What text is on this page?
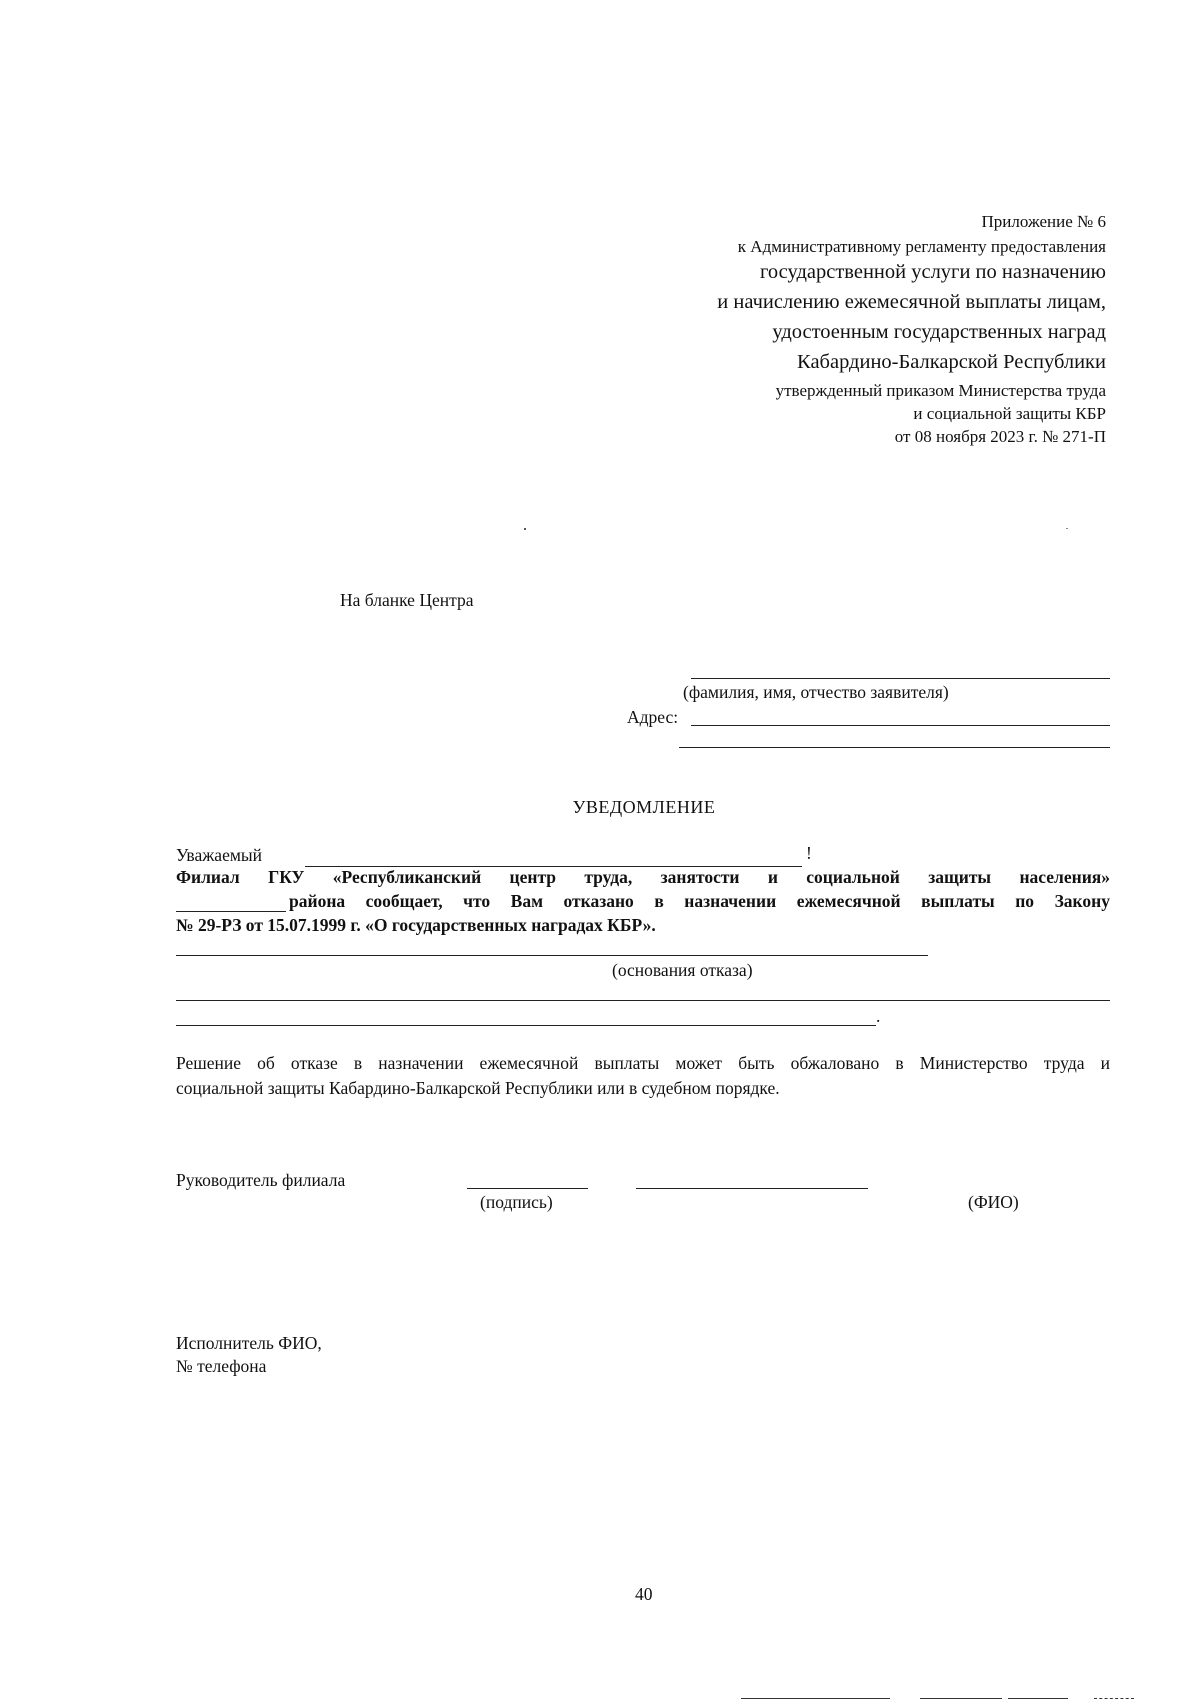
Приложение № 6
к Административному регламенту предоставления
государственной услуги по назначению
и начислению ежемесячной выплаты лицам,
удостоенным государственных наград
Кабардино-Балкарской Республики
утвержденный приказом Министерства труда
и социальной защиты КБР
от 08 ноября 2023 г. № 271-П
На бланке Центра
(фамилия, имя, отчество заявителя)
Адрес:
УВЕДОМЛЕНИЕ
Уважаемый	!
Филиал ГКУ «Республиканский центр труда, занятости и социальной защиты населения»
района сообщает, что Вам отказано в назначении ежемесячной выплаты по Закону
№ 29-РЗ от 15.07.1999 г. «О государственных наградах КБР».
(основания отказа)
.
Решение об отказе в назначении ежемесячной выплаты может быть обжаловано в Министерство труда и
социальной защиты Кабардино-Балкарской Республики или в судебном порядке.
Руководитель филиала
(подпись)	(ФИО)
Исполнитель ФИО,
№ телефона
40
